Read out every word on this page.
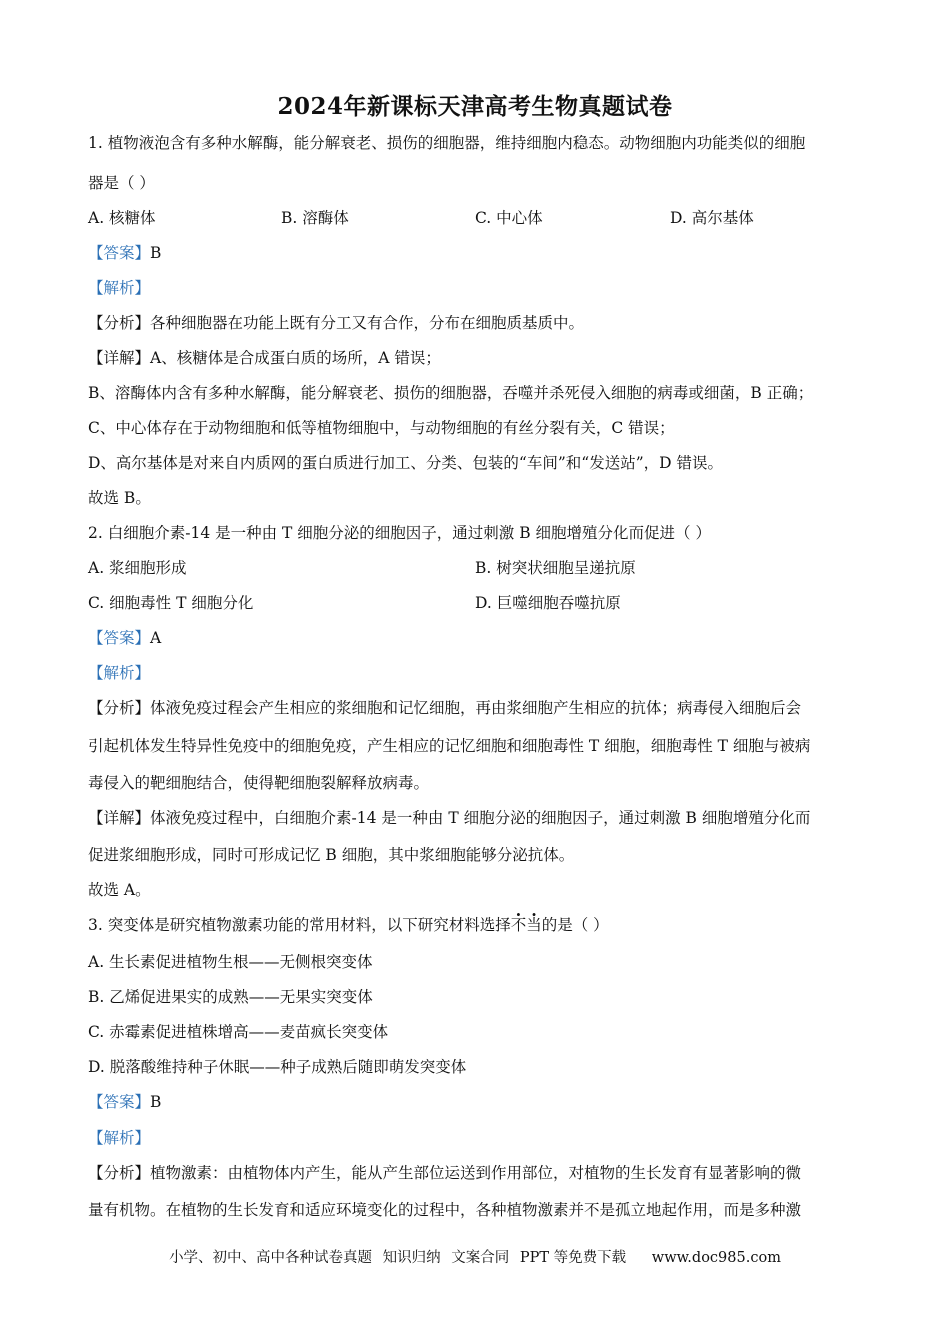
2024年新课标天津高考生物真题试卷
1. 植物液泡含有多种水解酶，能分解衰老、损伤的细胞器，维持细胞内稳态。动物细胞内功能类似的细胞
器是（ ）
A. 核糖体	B. 溶酶体	C. 中心体	D. 高尔基体
【答案】B
【解析】
【分析】各种细胞器在功能上既有分工又有合作，分布在细胞质基质中。
【详解】A、核糖体是合成蛋白质的场所，A 错误；
B、溶酶体内含有多种水解酶，能分解衰老、损伤的细胞器，吞噬并杀死侵入细胞的病毒或细菌，B 正确；
C、中心体存在于动物细胞和低等植物细胞中，与动物细胞的有丝分裂有关，C 错误；
D、高尔基体是对来自内质网的蛋白质进行加工、分类、包装的“车间”和“发送站”，D 错误。
故选 B。
2. 白细胞介素-14 是一种由 T 细胞分泌的细胞因子，通过刺激 B 细胞增殖分化而促进（ ）
A. 浆细胞形成	B. 树突状细胞呈递抗原
C. 细胞毒性 T 细胞分化	D. 巨噬细胞吞噬抗原
【答案】A
【解析】
【分析】体液免疫过程会产生相应的浆细胞和记忆细胞，再由浆细胞产生相应的抗体；病毒侵入细胞后会
引起机体发生特异性免疫中的细胞免疫，产生相应的记忆细胞和细胞毒性 T 细胞，细胞毒性 T 细胞与被病
毒侵入的靶细胞结合，使得靶细胞裂解释放病毒。
【详解】体液免疫过程中，白细胞介素-14 是一种由 T 细胞分泌的细胞因子，通过刺激 B 细胞增殖分化而
促进浆细胞形成，同时可形成记忆 B 细胞，其中浆细胞能够分泌抗体。
故选 A。
3. 突变体是研究植物激素功能的常用材料，以下研究材料选择不当的是（ ）
A. 生长素促进植物生根——无侧根突变体
B. 乙烯促进果实的成熟——无果实突变体
C. 赤霉素促进植株增高——麦苗疯长突变体
D. 脱落酸维持种子休眠——种子成熟后随即萌发突变体
【答案】B
【解析】
【分析】植物激素：由植物体内产生，能从产生部位运送到作用部位，对植物的生长发育有显著影响的微
量有机物。在植物的生长发育和适应环境变化的过程中，各种植物激素并不是孤立地起作用，而是多种激
小学、初中、高中各种试卷真题 知识归纳 文案合同 PPT 等免费下载 www.doc985.com
